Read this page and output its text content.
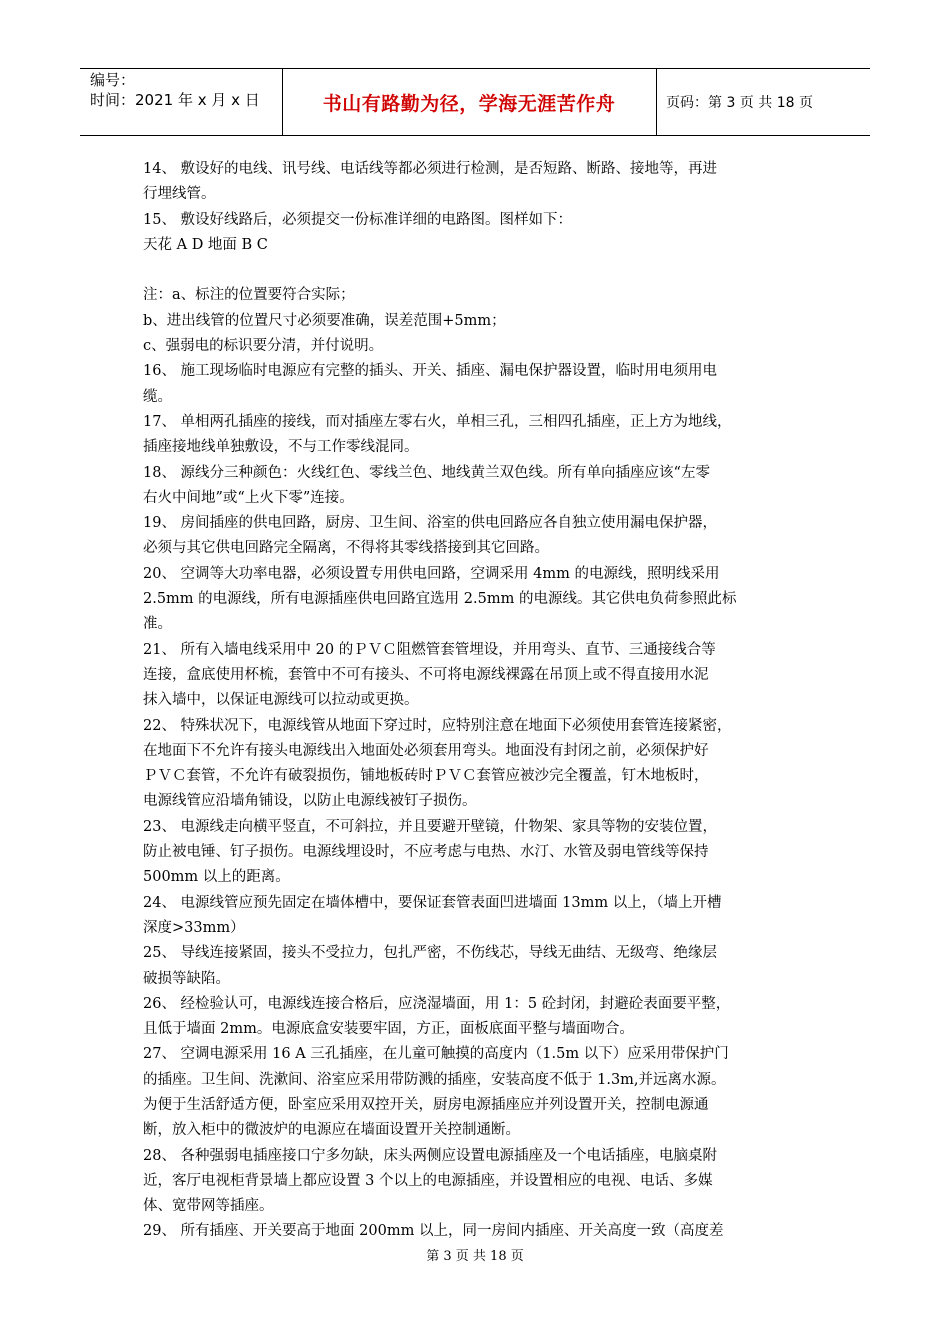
编号：
时间：2021 年 x 月 x 日	书山有路勤为径，学海无涯苦作舟	页码：第 3 页 共 18 页

14、 敷设好的电线、讯号线、电话线等都必须进行检测，是否短路、断路、接地等，再进

行埋线管。

15、 敷设好线路后，必须提交一份标准详细的电路图。图样如下：

天花 A D 地面 B C

注：a、标注的位置要符合实际；

b、进出线管的位置尺寸必须要准确，误差范围+5mm；

c、强弱电的标识要分清，并付说明。

16、 施工现场临时电源应有完整的插头、开关、插座、漏电保护器设置，临时用电须用电

缆。

17、 单相两孔插座的接线，而对插座左零右火，单相三孔，三相四孔插座，正上方为地线，

插座接地线单独敷设，不与工作零线混同。

18、 源线分三种颜色：火线红色、零线兰色、地线黄兰双色线。所有单向插座应该“左零

右火中间地”或“上火下零”连接。

19、 房间插座的供电回路，厨房、卫生间、浴室的供电回路应各自独立使用漏电保护器，

必须与其它供电回路完全隔离，不得将其零线搭接到其它回路。

20、 空调等大功率电器，必须设置专用供电回路，空调采用 4mm 的电源线，照明线采用

2.5mm 的电源线，所有电源插座供电回路宜选用 2.5mm 的电源线。其它供电负荷参照此标

准。

21、 所有入墙电线采用中 20 的ＰＶＣ阻燃管套管埋设，并用弯头、直节、三通接线合等

连接，盒底使用杯梳，套管中不可有接头、不可将电源线裸露在吊顶上或不得直接用水泥

抹入墙中，以保证电源线可以拉动或更换。

22、 特殊状况下，电源线管从地面下穿过时，应特别注意在地面下必须使用套管连接紧密，

在地面下不允许有接头电源线出入地面处必须套用弯头。地面没有封闭之前，必须保护好

ＰＶＣ套管，不允许有破裂损伤，铺地板砖时ＰＶＣ套管应被沙完全覆盖，钉木地板时，

电源线管应沿墙角铺设，以防止电源线被钉子损伤。

23、 电源线走向横平竖直，不可斜拉，并且要避开壁镜，什物架、家具等物的安装位置，

防止被电锤、钉子损伤。电源线埋设时，不应考虑与电热、水汀、水管及弱电管线等保持

500mm 以上的距离。

24、 电源线管应预先固定在墙体槽中，要保证套管表面凹进墙面 13mm 以上，（墙上开槽

深度>33mm）

25、 导线连接紧固，接头不受拉力，包扎严密，不伤线芯，导线无曲结、无级弯、绝缘层

破损等缺陷。

26、 经检验认可，电源线连接合格后，应浇湿墙面，用 1：5 砼封闭，封避砼表面要平整，

且低于墙面 2mm。电源底盒安装要牢固，方正，面板底面平整与墙面吻合。

27、 空调电源采用 16 A 三孔插座，在儿童可触摸的高度内（1.5m 以下）应采用带保护门

的插座。卫生间、洗漱间、浴室应采用带防溅的插座，安装高度不低于 1.3m,并远离水源。

为便于生活舒适方便，卧室应采用双控开关，厨房电源插座应并列设置开关，控制电源通

断，放入柜中的微波炉的电源应在墙面设置开关控制通断。

28、 各种强弱电插座接口宁多勿缺，床头两侧应设置电源插座及一个电话插座，电脑桌附

近，客厅电视柜背景墙上都应设置 3 个以上的电源插座，并设置相应的电视、电话、多媒

体、宽带网等插座。

29、 所有插座、开关要高于地面 200mm 以上，同一房间内插座、开关高度一致（高度差

第 3 页 共 18 页
